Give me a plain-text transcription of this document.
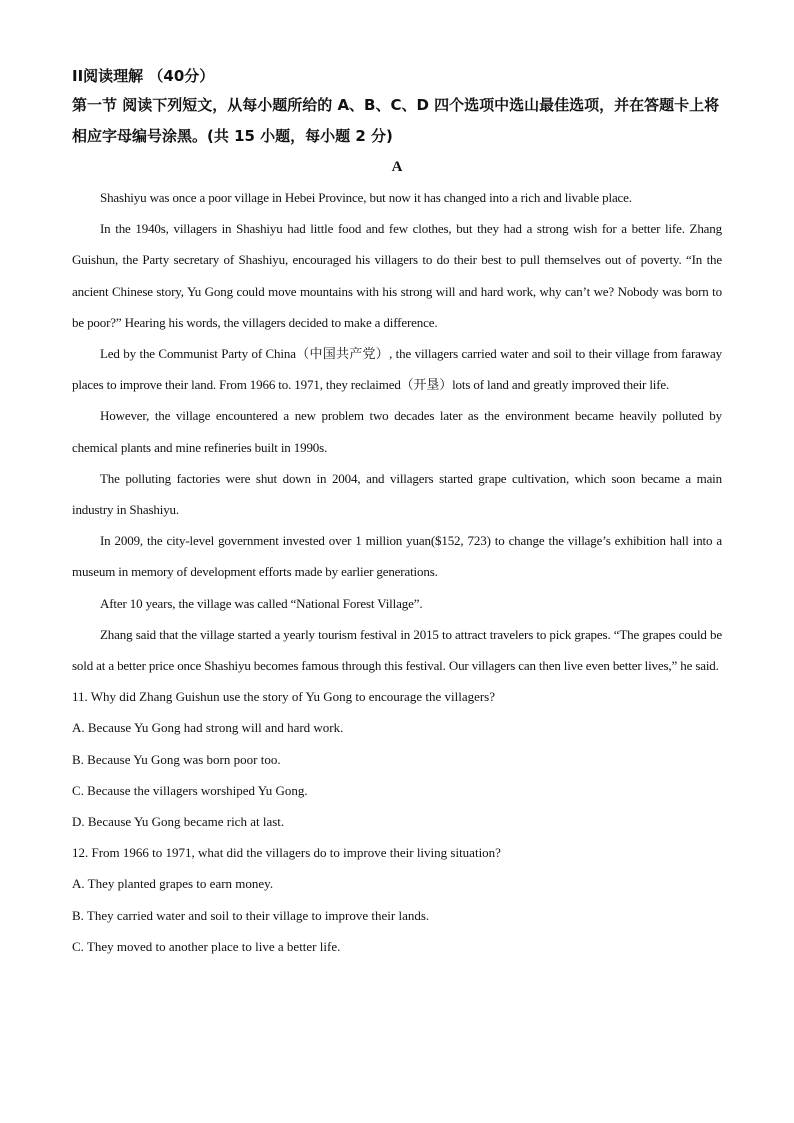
II阅读理解 （40分）

第一节 阅读下列短文，从每小题所给的 A、B、C、D 四个选项中选山最佳选项，并在答题卡上将相应字母编号涂黑。(共 15 小题，每小题 2 分)

A

Shashiyu was once a poor village in Hebei Province, but now it has changed into a rich and livable place.

In the 1940s, villagers in Shashiyu had little food and few clothes, but they had a strong wish for a better life. Zhang Guishun, the Party secretary of Shashiyu, encouraged his villagers to do their best to pull themselves out of poverty. “In the ancient Chinese story, Yu Gong could move mountains with his strong will and hard work, why can’t we? Nobody was born to be poor?” Hearing his words, the villagers decided to make a difference.

Led by the Communist Party of China（中国共产党）, the villagers carried water and soil to their village from faraway places to improve their land. From 1966 to. 1971, they reclaimed（开垦）lots of land and greatly improved their life.

However, the village encountered a new problem two decades later as the environment became heavily polluted by chemical plants and mine refineries built in 1990s.

The polluting factories were shut down in 2004, and villagers started grape cultivation, which soon became a main industry in Shashiyu.

In 2009, the city-level government invested over 1 million yuan($152, 723) to change the village’s exhibition hall into a museum in memory of development efforts made by earlier generations.

After 10 years, the village was called “National Forest Village”.

Zhang said that the village started a yearly tourism festival in 2015 to attract travelers to pick grapes. “The grapes could be sold at a better price once Shashiyu becomes famous through this festival. Our villagers can then live even better lives,” he said.

11. Why did Zhang Guishun use the story of Yu Gong to encourage the villagers?

A. Because Yu Gong had strong will and hard work.

B. Because Yu Gong was born poor too.

C. Because the villagers worshiped Yu Gong.

D. Because Yu Gong became rich at last.

12. From 1966 to 1971, what did the villagers do to improve their living situation?

A. They planted grapes to earn money.

B. They carried water and soil to their village to improve their lands.

C. They moved to another place to live a better life.
